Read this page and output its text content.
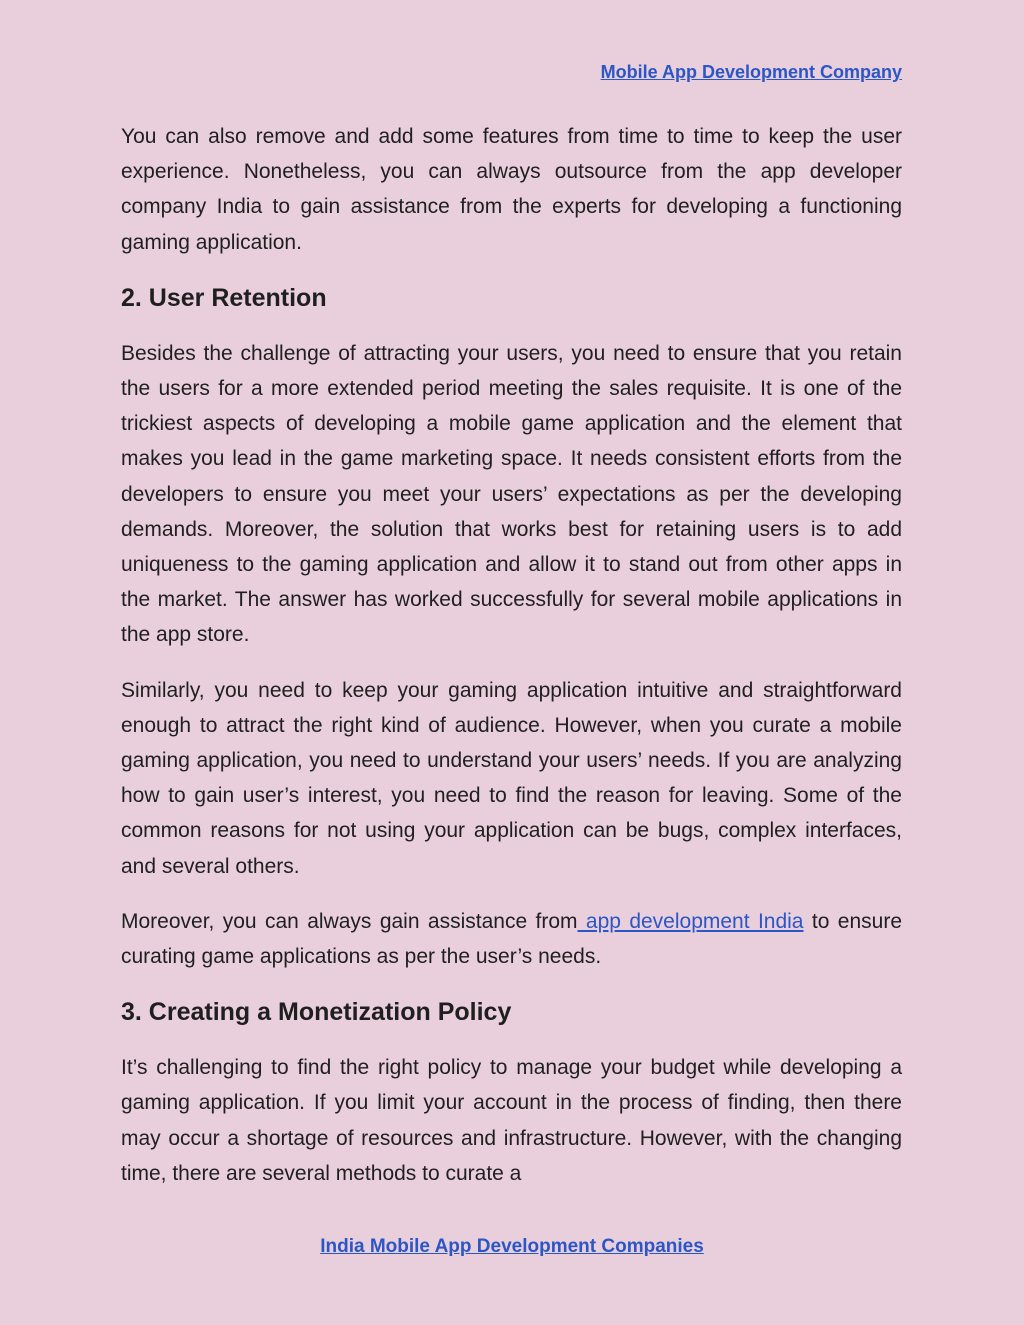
Mobile App Development Company

You can also remove and add some features from time to time to keep the user experience. Nonetheless, you can always outsource from the app developer company India to gain assistance from the experts for developing a functioning gaming application.

2. User Retention

Besides the challenge of attracting your users, you need to ensure that you retain the users for a more extended period meeting the sales requisite. It is one of the trickiest aspects of developing a mobile game application and the element that makes you lead in the game marketing space. It needs consistent efforts from the developers to ensure you meet your users’ expectations as per the developing demands. Moreover, the solution that works best for retaining users is to add uniqueness to the gaming application and allow it to stand out from other apps in the market. The answer has worked successfully for several mobile applications in the app store.

Similarly, you need to keep your gaming application intuitive and straightforward enough to attract the right kind of audience. However, when you curate a mobile gaming application, you need to understand your users’ needs. If you are analyzing how to gain user’s interest, you need to find the reason for leaving. Some of the common reasons for not using your application can be bugs, complex interfaces, and several others.

Moreover, you can always gain assistance from app development India to ensure curating game applications as per the user’s needs.

3. Creating a Monetization Policy

It’s challenging to find the right policy to manage your budget while developing a gaming application. If you limit your account in the process of finding, then there may occur a shortage of resources and infrastructure. However, with the changing time, there are several methods to curate a

India Mobile App Development Companies
